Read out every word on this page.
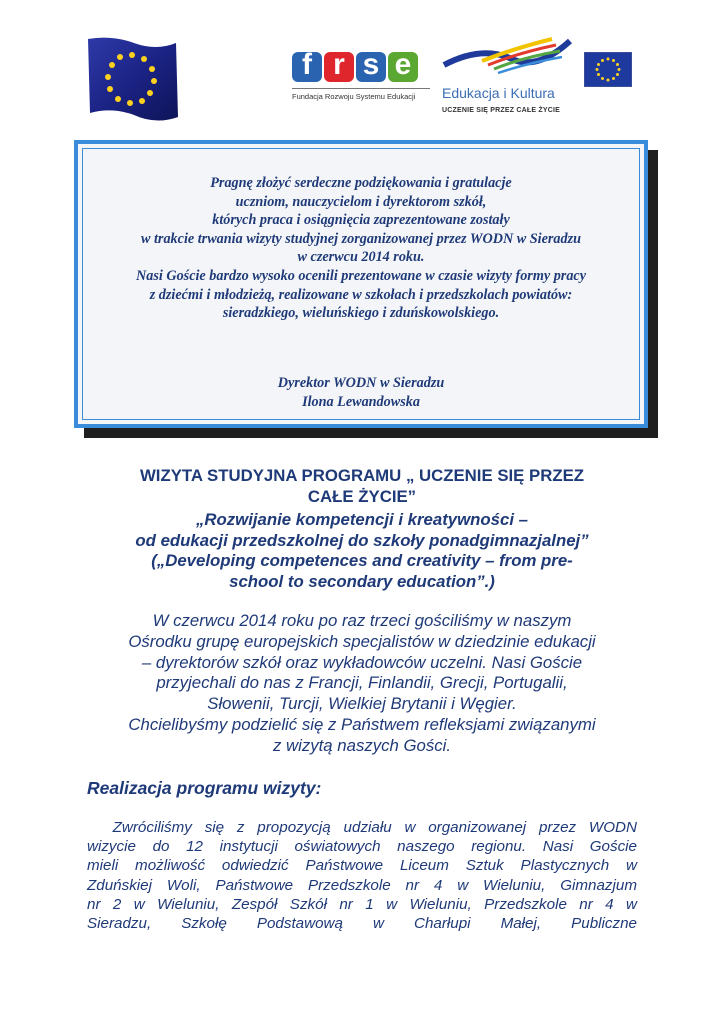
f r s e
Fundacja Rozwoju Systemu Edukacji	Edukacja i Kultura
UCZENIE SIĘ PRZEZ CAŁE ŻYCIE
Pragnę złożyć serdeczne podziękowania i gratulacje
uczniom, nauczycielom i dyrektorom szkół,
których praca i osiągnięcia zaprezentowane zostały
w trakcie trwania wizyty studyjnej zorganizowanej przez WODN w Sieradzu
w czerwcu 2014 roku.
Nasi Goście bardzo wysoko ocenili prezentowane w czasie wizyty formy pracy
z dziećmi i młodzieżą, realizowane w szkołach i przedszkolach powiatów:
sieradzkiego, wieluńskiego i zduńskowolskiego.
Dyrektor WODN w Sieradzu
Ilona Lewandowska
WIZYTA STUDYJNA PROGRAMU „ UCZENIE SIĘ PRZEZ
CAŁE ŻYCIE”
„Rozwijanie kompetencji i kreatywności –
od edukacji przedszkolnej do szkoły ponadgimnazjalnej”
(„Developing competences and creativity – from pre-
school to secondary education”.)
W czerwcu 2014 roku po raz trzeci gościliśmy w naszym
Ośrodku grupę europejskich specjalistów w dziedzinie edukacji
– dyrektorów szkół oraz wykładowców uczelni. Nasi Goście
przyjechali do nas z Francji, Finlandii, Grecji, Portugalii,
Słowenii, Turcji, Wielkiej Brytanii i Węgier.
Chcielibyśmy podzielić się z Państwem refleksjami związanymi
z wizytą naszych Gości.
Realizacja programu wizyty:
Zwróciliśmy się z propozycją udziału w organizowanej przez WODN
wizycie do 12 instytucji oświatowych naszego regionu. Nasi Goście
mieli możliwość odwiedzić Państwowe Liceum Sztuk Plastycznych w
Zduńskiej Woli, Państwowe Przedszkole nr 4 w Wieluniu, Gimnazjum
nr 2 w Wieluniu, Zespół Szkół nr 1 w Wieluniu, Przedszkole nr 4 w
Sieradzu,  Szkołę  Podstawową  w  Charłupi  Małej,  Publiczne
